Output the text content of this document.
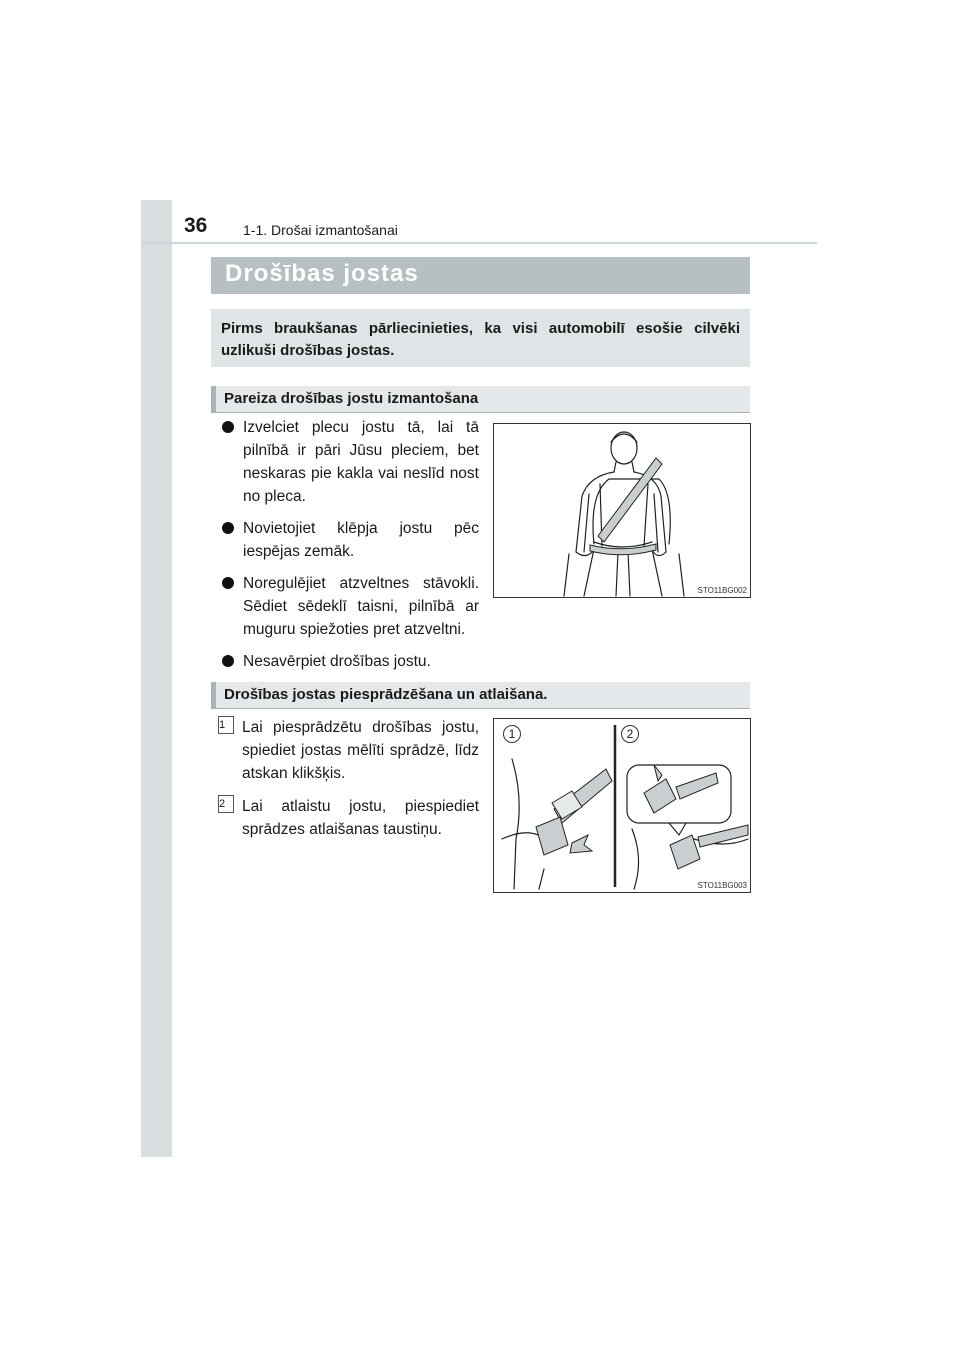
36	1-1. Drošai izmantošanai
Drošības jostas

Pirms braukšanas pārliecinieties, ka visi automobilī esošie cilvēki uzlikuši drošības jostas.

Pareiza drošības jostu izmantošana
Izvelciet plecu jostu tā, lai tā pilnībā ir pāri Jūsu pleciem, bet neskaras pie kakla vai neslīd nost no pleca.
Novietojiet klēpja jostu pēc iespējas zemāk.
Noregulējiet atzveltnes stāvokli. Sēdiet sēdeklī taisni, pilnībā ar muguru spiežoties pret atzveltni.
Nesavērpiet drošības jostu.
STO11BG002
Drošības jostas piesprādzēšana un atlaišana.
1	Lai piesprādzētu drošības jostu, spiediet jostas mēlīti sprādzē, līdz atskan klikšķis.
2	Lai atlaistu jostu, piespiediet sprādzes atlaišanas taustiņu.
1	2
STO11BG003
